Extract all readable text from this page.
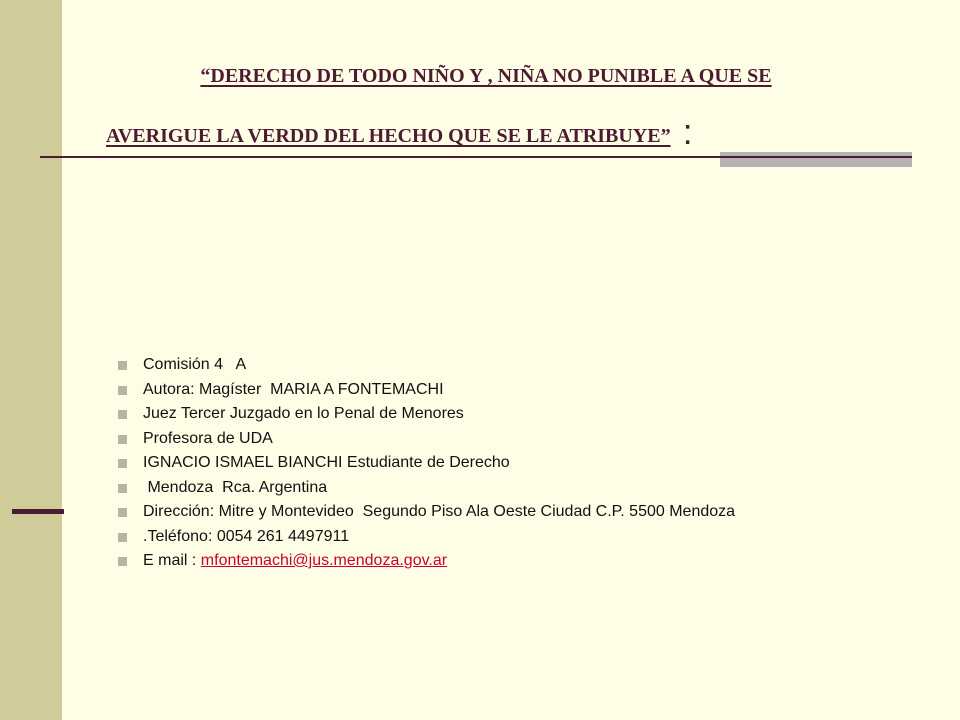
“DERECHO DE TODO NIÑO Y , NIÑA NO PUNIBLE A QUE SE
AVERIGUE LA VERDD DEL HECHO QUE SE LE ATRIBUYE” :
Comisión 4   A
Autora: Magíster  MARIA A FONTEMACHI
Juez Tercer Juzgado en lo Penal de Menores
Profesora de UDA
IGNACIO ISMAEL BIANCHI Estudiante de Derecho
Mendoza  Rca. Argentina
Dirección: Mitre y Montevideo  Segundo Piso Ala Oeste Ciudad C.P. 5500 Mendoza
.Teléfono: 0054 261 4497911
E mail : mfontemachi@jus.mendoza.gov.ar
